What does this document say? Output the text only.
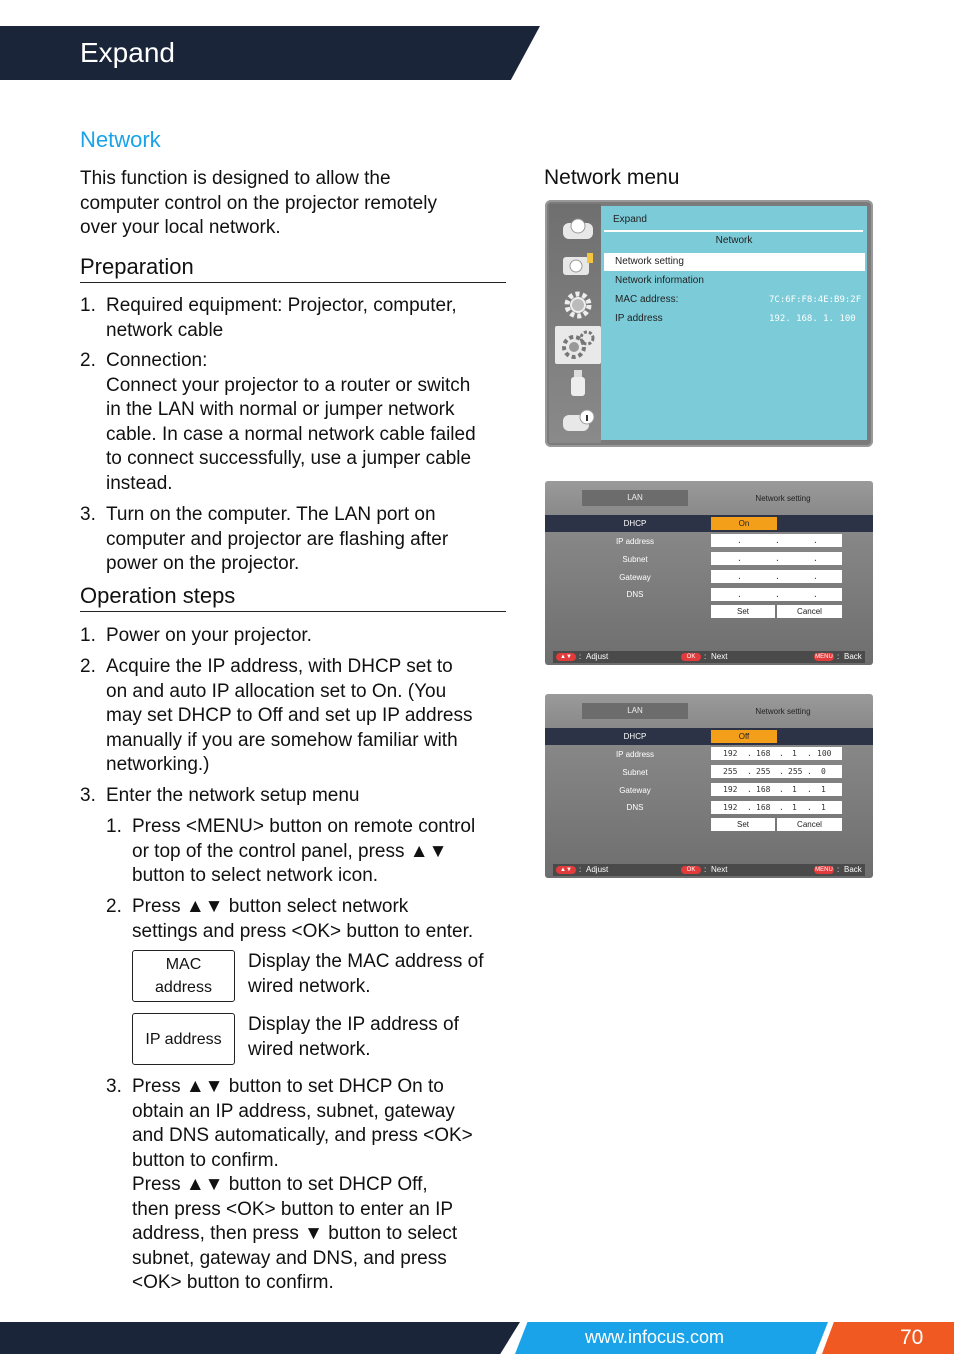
Expand
Network
This function is designed to allow the
computer control on the projector remotely
over your local network.
Preparation
1. Required equipment: Projector, computer,
network cable
2. Connection:
Connect your projector to a router or switch
in the LAN with normal or jumper network
cable. In case a normal network cable failed
to connect successfully, use a jumper cable
instead.
3. Turn on the computer. The LAN port on
computer and projector are flashing after
power on the projector.
Operation steps
1. Power on your projector.
2. Acquire the IP address, with DHCP set to
on and auto IP allocation set to On. (You
may set DHCP to Off and set up IP address
manually if you are somehow familiar with
networking.)
3. Enter the network setup menu
1. Press <MENU> button on remote control
or top of the control panel, press ▲▼
button to select network icon.
2. Press ▲▼ button select network
settings and press <OK> button to enter.
MAC
address
Display the MAC address of
wired network.
IP address
Display the IP address of
wired network.
3. Press ▲▼ button to set DHCP On to
obtain an IP address, subnet, gateway
and DNS automatically, and press <OK>
button to confirm.
Press ▲▼ button to set DHCP Off,
then press <OK> button to enter an IP
address, then press ▼ button to select
subnet, gateway and DNS, and press
<OK> button to confirm.
Network menu
Expand
Network
Network setting
Network information
MAC address:	7C:6F:F8:4E:B9:2F
IP address	192. 168. 1. 100
LAN	Network setting
DHCP	On
IP address	.	.	.
Subnet	.	.	.
Gateway	.	.	.
DNS	.	.	.
Set	Cancel
▲▼ : Adjust	OK	: Next	MENU : Back
LAN	Network setting
DHCP	Off
IP address	192 . 168 . 1 . 100
Subnet	255 . 255 . 255 . 0
Gateway	192 . 168 . 1 . 1
DNS	192 . 168 . 1 . 1
Set	Cancel
▲▼ : Adjust	OK	: Next	MENU : Back
www.infocus.com	70
